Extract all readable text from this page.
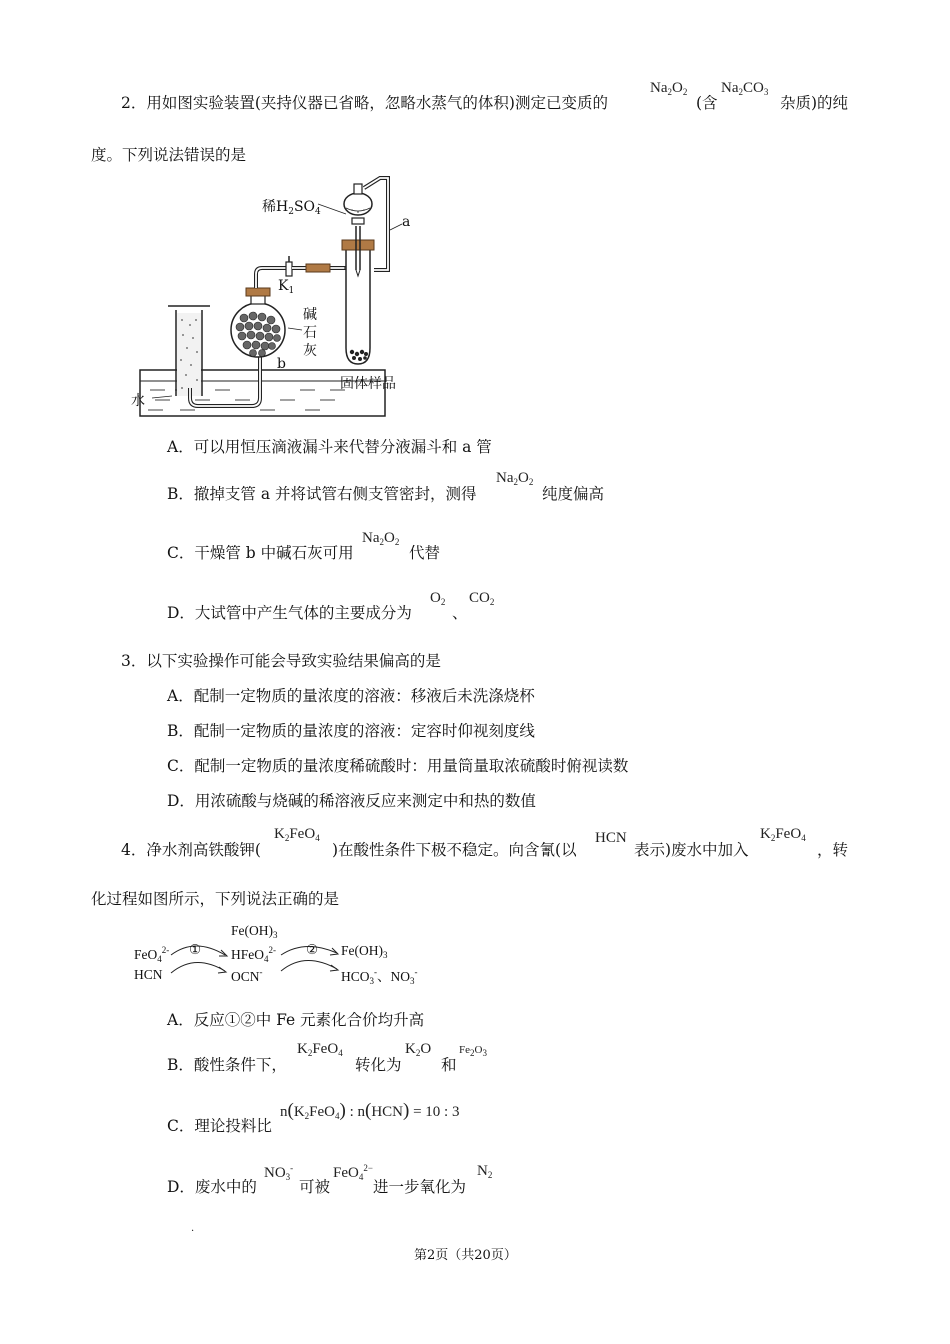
2．用如图实验装置(夹持仪器已省略，忽略水蒸气的体积)测定已变质的
$Na_2O_2$
(含
$Na_2CO_3$
杂质)的纯
度。下列说法错误的是
稀$H_2SO_4$
a
$K_1$
碱
石
灰
b
水
固体样品
A．可以用恒压滴液漏斗来代替分液漏斗和 a 管
B．撤掉支管 a 并将试管右侧支管密封，测得
$Na_2O_2$
纯度偏高
C．干燥管 b 中碱石灰可用
$Na_2O_2$
代替
D．大试管中产生气体的主要成分为
$O_2$
、
$CO_2$
3．以下实验操作可能会导致实验结果偏高的是
A．配制一定物质的量浓度的溶液：移液后未洗涤烧杯
B．配制一定物质的量浓度的溶液：定容时仰视刻度线
C．配制一定物质的量浓度稀硫酸时：用量筒量取浓硫酸时俯视读数
D．用浓硫酸与烧碱的稀溶液反应来测定中和热的数值
4．净水剂高铁酸钾(
$K_2FeO_4$
)在酸性条件下极不稳定。向含氰(以
HCN
表示)废水中加入
$K_2FeO_4$
，转
化过程如图所示，下列说法正确的是
①	②
FeO$_4^{2-}$
HCN
$Fe(OH)_3$
HFeO$_4^{2-}$
OCN-
$Fe(OH)_3$
$HCO_3^-$、$NO_3^-$
A．反应①②中 Fe 元素化合价均升高
B．酸性条件下，
$K_2FeO_4$
转化为
$K_2O$
和
$Fe_2O_3$
C．理论投料比
$n(K_2FeO_4)$ : n(HCN) = 10 : 3
D．废水中的
$NO_3^-$
可被
FeO$_4^{2-}$
进一步氧化为
$N_2$
.
第2页（共20页）
